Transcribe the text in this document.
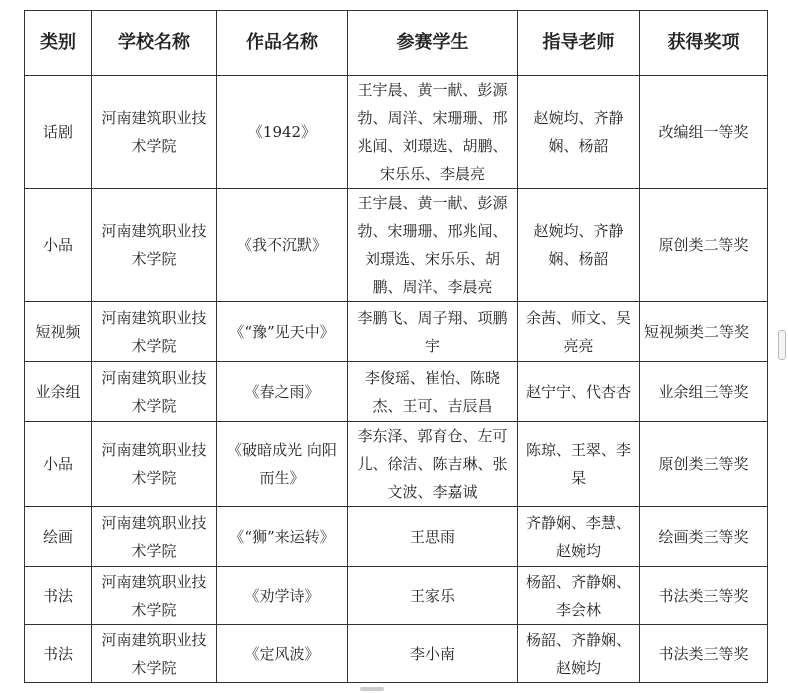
类别	学校名称	作品名称	参赛学生	指导老师	获得奖项
话剧	河南建筑职业技术学院	《1942》	王宇晨、黄一献、彭源勃、周洋、宋珊珊、邢兆闻、刘璟选、胡鹏、宋乐乐、李晨亮	赵婉均、齐静娴、杨韶	改编组一等奖
小品	河南建筑职业技术学院	《我不沉默》	王宇晨、黄一献、彭源勃、宋珊珊、邢兆闻、刘璟选、宋乐乐、胡鹏、周洋、李晨亮	赵婉均、齐静娴、杨韶	原创类二等奖
短视频	河南建筑职业技术学院	《“豫”见天中》	李鹏飞、周子翔、项鹏宇	余茜、师文、吴亮亮	短视频类二等奖
业余组	河南建筑职业技术学院	《春之雨》	李俊瑶、崔怡、陈晓杰、王可、吉辰昌	赵宁宁、代杏杏	业余组三等奖
小品	河南建筑职业技术学院	《破暗成光 向阳而生》	李东泽、郭育仓、左可儿、徐洁、陈吉琳、张文波、李嘉诚	陈琼、王翠、李杲	原创类三等奖
绘画	河南建筑职业技术学院	《“狮”来运转》	王思雨	齐静娴、李慧、赵婉均	绘画类三等奖
书法	河南建筑职业技术学院	《劝学诗》	王家乐	杨韶、齐静娴、李会林	书法类三等奖
书法	河南建筑职业技术学院	《定风波》	李小南	杨韶、齐静娴、赵婉均	书法类三等奖
